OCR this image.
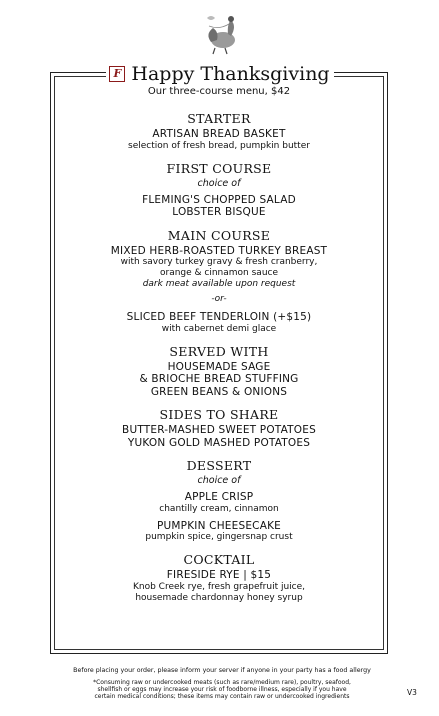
F Happy Thanksgiving
Our three-course menu, $42
STARTER
ARTISAN BREAD BASKET
selection of fresh bread, pumpkin butter
FIRST COURSE
choice of
FLEMING'S CHOPPED SALAD
LOBSTER BISQUE
MAIN COURSE
MIXED HERB-ROASTED TURKEY BREAST
with savory turkey gravy & fresh cranberry,
orange & cinnamon sauce
dark meat available upon request
-or-
SLICED BEEF TENDERLOIN (+$15)
with cabernet demi glace
SERVED WITH
HOUSEMADE SAGE
& BRIOCHE BREAD STUFFING
GREEN BEANS & ONIONS
SIDES TO SHARE
BUTTER-MASHED SWEET POTATOES
YUKON GOLD MASHED POTATOES
DESSERT
choice of
APPLE CRISP
chantilly cream, cinnamon
PUMPKIN CHEESECAKE
pumpkin spice, gingersnap crust
COCKTAIL
FIRESIDE RYE | $15
Knob Creek rye, fresh grapefruit juice,
housemade chardonnay honey syrup
Before placing your order, please inform your server if anyone in your party has a food allergy
*Consuming raw or undercooked meats (such as rare/medium rare), poultry, seafood,
shellfish or eggs may increase your risk of foodborne illness, especially if you have
certain medical conditions; these items may contain raw or undercooked ingredients	V3
